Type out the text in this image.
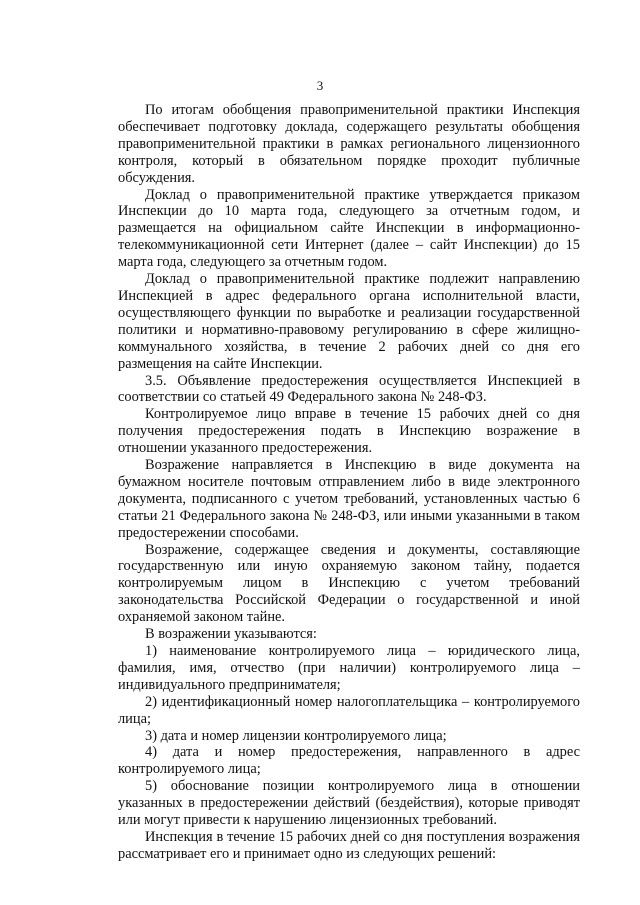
3

По итогам обобщения правоприменительной практики Инспекция обеспечивает подготовку доклада, содержащего результаты обобщения правоприменительной практики в рамках регионального лицензионного контроля, который в обязательном порядке проходит публичные обсуждения.

Доклад о правоприменительной практике утверждается приказом Инспекции до 10 марта года, следующего за отчетным годом, и размещается на официальном сайте Инспекции в информационно-телекоммуникационной сети Интернет (далее – сайт Инспекции) до 15 марта года, следующего за отчетным годом.

Доклад о правоприменительной практике подлежит направлению Инспекцией в адрес федерального органа исполнительной власти, осуществляющего функции по выработке и реализации государственной политики и нормативно-правовому регулированию в сфере жилищно-коммунального хозяйства, в течение 2 рабочих дней со дня его размещения на сайте Инспекции.

3.5. Объявление предостережения осуществляется Инспекцией в соответствии со статьей 49 Федерального закона № 248-ФЗ.

Контролируемое лицо вправе в течение 15 рабочих дней со дня получения предостережения подать в Инспекцию возражение в отношении указанного предостережения.

Возражение направляется в Инспекцию в виде документа на бумажном носителе почтовым отправлением либо в виде электронного документа, подписанного с учетом требований, установленных частью 6 статьи 21 Федерального закона № 248-ФЗ, или иными указанными в таком предостережении способами.

Возражение, содержащее сведения и документы, составляющие государственную или иную охраняемую законом тайну, подается контролируемым лицом в Инспекцию с учетом требований законодательства Российской Федерации о государственной и иной охраняемой законом тайне.

В возражении указываются:

1) наименование контролируемого лица – юридического лица, фамилия, имя, отчество (при наличии) контролируемого лица – индивидуального предпринимателя;

2) идентификационный номер налогоплательщика – контролируемого лица;

3) дата и номер лицензии контролируемого лица;

4) дата и номер предостережения, направленного в адрес контролируемого лица;

5) обоснование позиции контролируемого лица в отношении указанных в предостережении действий (бездействия), которые приводят или могут привести к нарушению лицензионных требований.

Инспекция в течение 15 рабочих дней со дня поступления возражения рассматривает его и принимает одно из следующих решений:
